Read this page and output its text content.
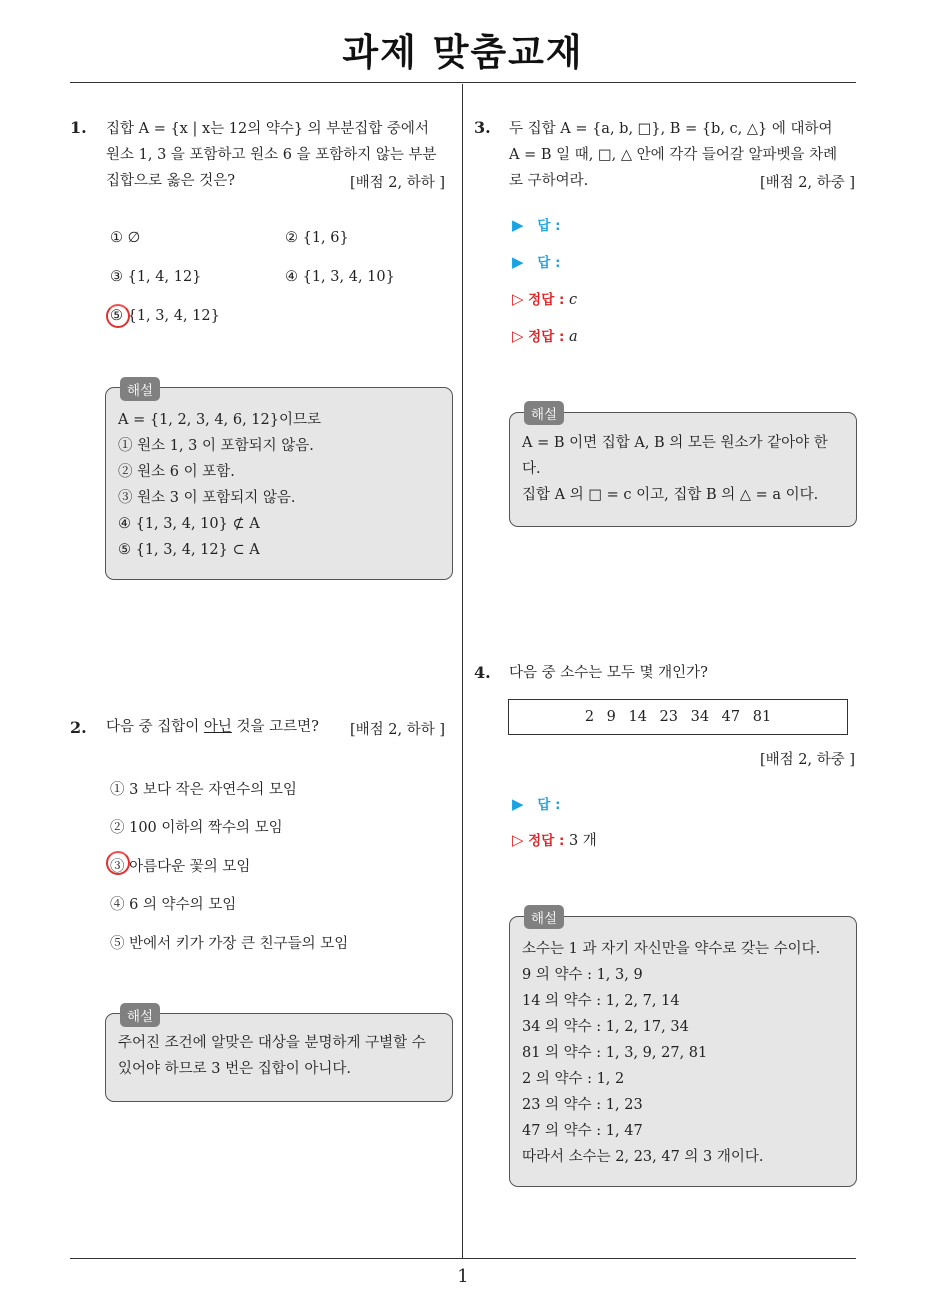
과제 맞춤교재
1. 집합 A = {x | x는 12의 약수} 의 부분집합 중에서
원소 1, 3 을 포함하고 원소 6 을 포함하지 않는 부분
집합으로 옳은 것은?	[배점 2, 하하 ]
① ∅	② {1, 6}
③ {1, 4, 12}	④ {1, 3, 4, 10}
⑤ {1, 3, 4, 12}
A = {1, 2, 3, 4, 6, 12}이므로
① 원소 1, 3 이 포함되지 않음.
② 원소 6 이 포함.
③ 원소 3 이 포함되지 않음.
④ {1, 3, 4, 10} ⊄ A
⑤ {1, 3, 4, 12} ⊂ A
해설
2. 다음 중 집합이 아닌 것을 고르면?	[배점 2, 하하 ]
① 3 보다 작은 자연수의 모임
② 100 이하의 짝수의 모임
③ 아름다운 꽃의 모임
④ 6 의 약수의 모임
⑤ 반에서 키가 가장 큰 친구들의 모임
주어진 조건에 알맞은 대상을 분명하게 구별할 수
있어야 하므로 3 번은 집합이 아니다.
해설
3. 두 집합 A = {a, b, □}, B = {b, c, △} 에 대하여
A = B 일 때, □, △ 안에 각각 들어갈 알파벳을 차례
로 구하여라.	[배점 2, 하중 ]
▶ 답 :
▶ 답 :
▷ 정답 : c
▷ 정답 : a
A = B 이면 집합 A, B 의 모든 원소가 같아야 한
다.
집합 A 의 □ = c 이고, 집합 B 의 △ = a 이다.
해설
4. 다음 중 소수는 모두 몇 개인가?
2 9 14 23 34 47 81
[배점 2, 하중 ]
▶ 답 :
▷ 정답 : 3 개
소수는 1 과 자기 자신만을 약수로 갖는 수이다.
9 의 약수 : 1, 3, 9
14 의 약수 : 1, 2, 7, 14
34 의 약수 : 1, 2, 17, 34
81 의 약수 : 1, 3, 9, 27, 81
2 의 약수 : 1, 2
23 의 약수 : 1, 23
47 의 약수 : 1, 47
따라서 소수는 2, 23, 47 의 3 개이다.
해설
1
